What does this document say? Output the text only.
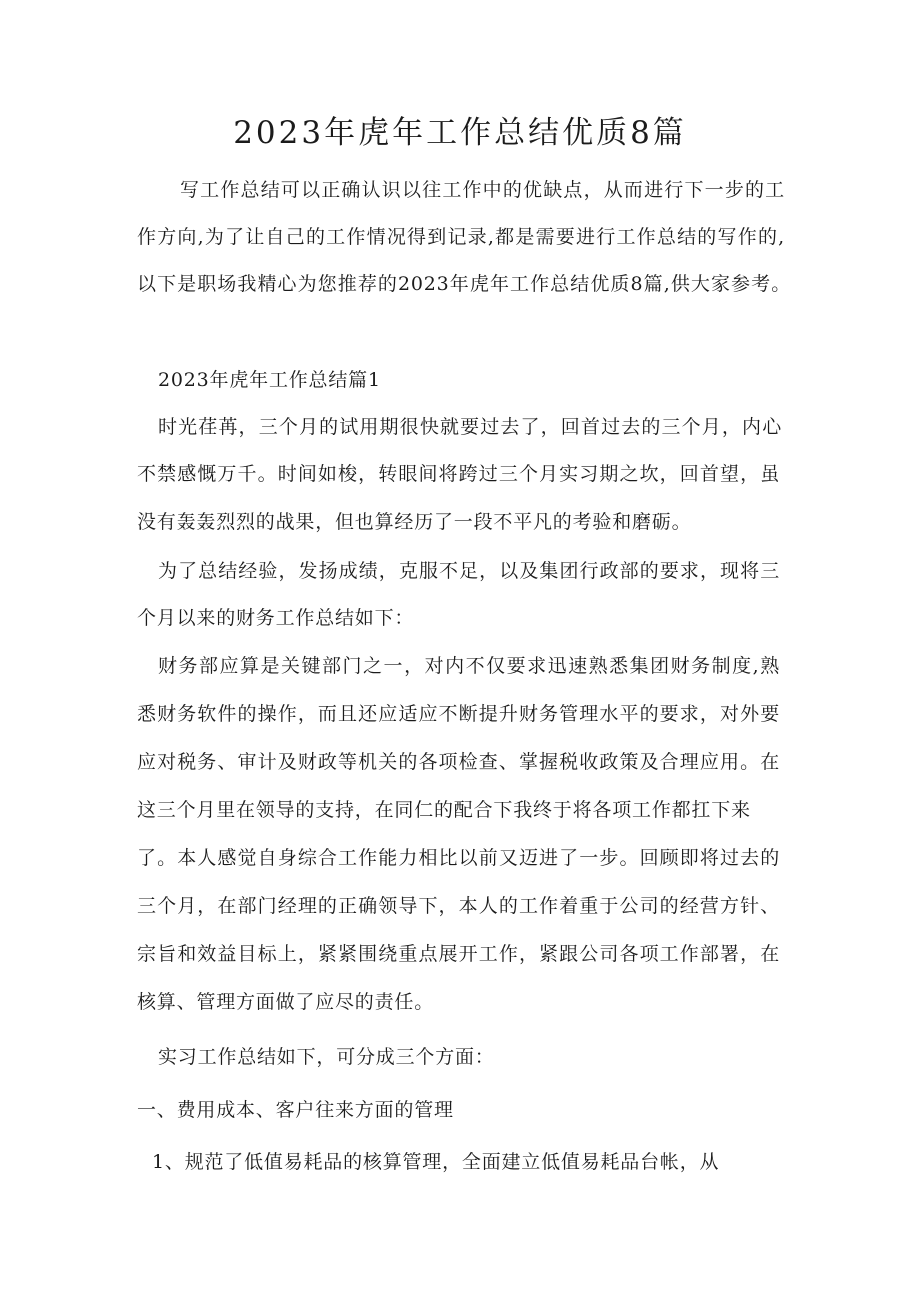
2023年虎年工作总结优质8篇
写工作总结可以正确认识以往工作中的优缺点，从而进行下一步的工
作方向,为了让自己的工作情况得到记录,都是需要进行工作总结的写作的,
以下是职场我精心为您推荐的2023年虎年工作总结优质8篇,供大家参考。
2023年虎年工作总结篇1
时光荏苒，三个月的试用期很快就要过去了，回首过去的三个月，内心
不禁感慨万千。时间如梭，转眼间将跨过三个月实习期之坎，回首望，虽
没有轰轰烈烈的战果，但也算经历了一段不平凡的考验和磨砺。
为了总结经验，发扬成绩，克服不足，以及集团行政部的要求，现将三
个月以来的财务工作总结如下：
财务部应算是关键部门之一，对内不仅要求迅速熟悉集团财务制度,熟
悉财务软件的操作，而且还应适应不断提升财务管理水平的要求，对外要
应对税务、审计及财政等机关的各项检查、掌握税收政策及合理应用。在
这三个月里在领导的支持，在同仁的配合下我终于将各项工作都扛下来
了。本人感觉自身综合工作能力相比以前又迈进了一步。回顾即将过去的
三个月，在部门经理的正确领导下，本人的工作着重于公司的经营方针、
宗旨和效益目标上，紧紧围绕重点展开工作，紧跟公司各项工作部署，在
核算、管理方面做了应尽的责任。
实习工作总结如下，可分成三个方面：
一、费用成本、客户往来方面的管理
1、规范了低值易耗品的核算管理，全面建立低值易耗品台帐，从
